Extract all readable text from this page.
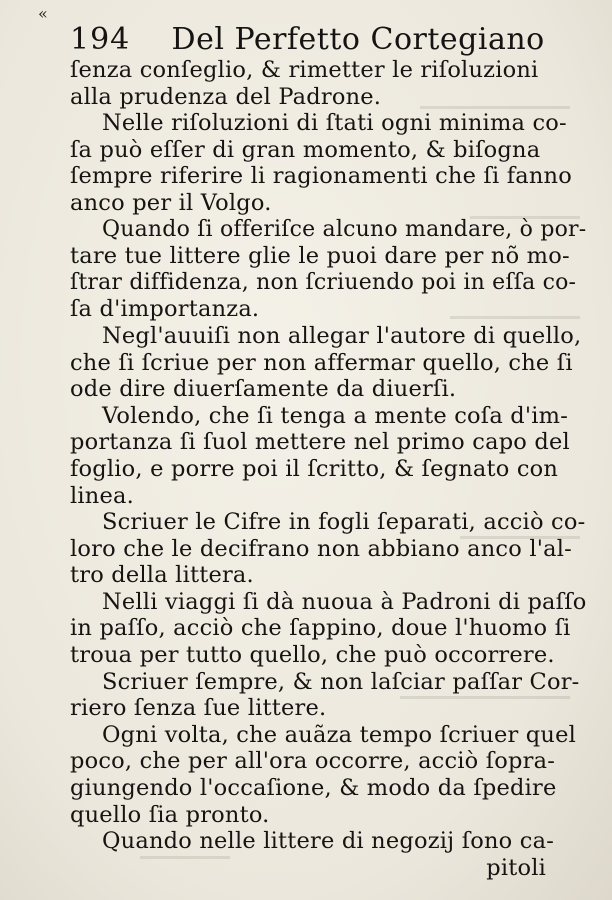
«
194 Del Perfetto Cortegiano
ſenza conſeglio, & rimetter le riſoluzioni
alla prudenza del Padrone.
Nelle riſoluzioni di ſtati ogni minima co-
ſa può eſſer di gran momento, & biſogna
ſempre riferire li ragionamenti che ſi fanno
anco per il Volgo.
Quando ſi offeriſce alcuno mandare, ò por-
tare tue littere glie le puoi dare per nõ mo-
ſtrar diffidenza, non ſcriuendo poi in eſſa co-
ſa d'importanza.
Negl'auuiſi non allegar l'autore di quello,
che ſi ſcriue per non affermar quello, che ſi
ode dire diuerſamente da diuerſi.
Volendo, che ſi tenga a mente coſa d'im-
portanza ſi ſuol mettere nel primo capo del
foglio, e porre poi il ſcritto, & ſegnato con
linea.
Scriuer le Cifre in fogli ſeparati, acciò co-
loro che le decifrano non abbiano anco l'al-
tro della littera.
Nelli viaggi ſi dà nuoua à Padroni di paſſo
in paſſo, acciò che ſappino, doue l'huomo ſi
troua per tutto quello, che può occorrere.
Scriuer ſempre, & non laſciar paſſar Cor-
riero ſenza ſue littere.
Ogni volta, che auãza tempo ſcriuer quel
poco, che per all'ora occorre, acciò ſopra-
giungendo l'occaſione, & modo da ſpedire
quello ſia pronto.
Quando nelle littere di negozij ſono ca-
pitoli
